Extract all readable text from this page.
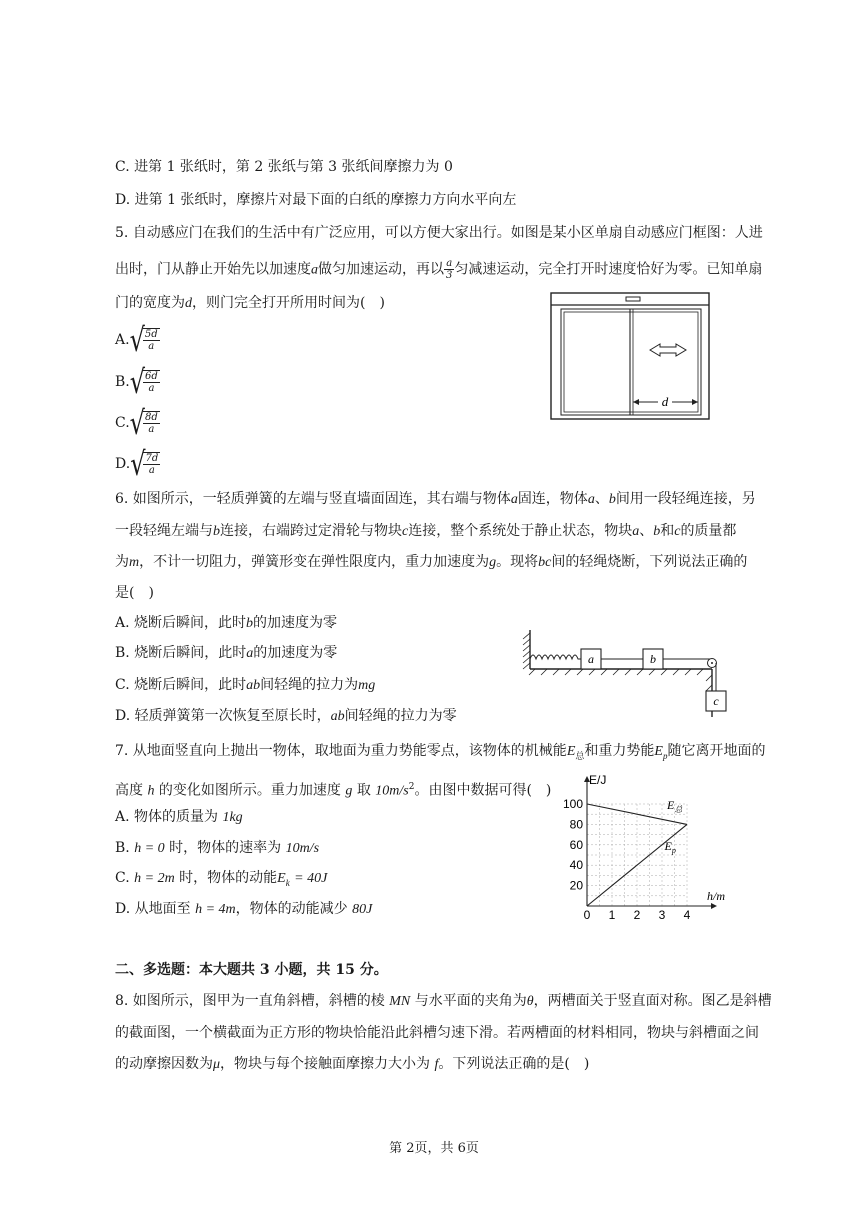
C. 进第 1 张纸时，第 2 张纸与第 3 张纸间摩擦力为 0
D. 进第 1 张纸时，摩擦片对最下面的白纸的摩擦力方向水平向左
5. 自动感应门在我们的生活中有广泛应用，可以方便大家出行。如图是某小区单扇自动感应门框图：人进
出时，门从静止开始先以加速度a做匀加速运动，再以 $\frac{a}{3}$ 匀减速运动，完全打开时速度恰好为零。已知单扇
门的宽度为d，则门完全打开所用时间为(　)
A.√
$\frac{5d}{a}$
B.√
$\frac{6d}{a}$
C.√
$\frac{8d}{a}$
D.√
$\frac{7d}{a}$
d
6. 如图所示，一轻质弹簧的左端与竖直墙面固连，其右端与物体a固连，物体a、b间用一段轻绳连接，另
一段轻绳左端与b连接，右端跨过定滑轮与物块c连接，整个系统处于静止状态，物块a、b和c的质量都
为m，不计一切阻力，弹簧形变在弹性限度内，重力加速度为g。现将bc间的轻绳烧断，下列说法正确的
是(　)
A. 烧断后瞬间，此时b的加速度为零
B. 烧断后瞬间，此时a的加速度为零
C. 烧断后瞬间，此时ab间轻绳的拉力为mg
D. 轻质弹簧第一次恢复至原长时，ab间轻绳的拉力为零
a	b
c
7. 从地面竖直向上抛出一物体，取地面为重力势能零点，该物体的机械能$E_总$和重力势能$E_p$随它离开地面的
高度 h 的变化如图所示。重力加速度 g 取 $10m/s^2$。由图中数据可得(　)
A. 物体的质量为 1kg
B. h = 0 时，物体的速率为 10m/s
C. h = 2m 时，物体的动能$E_k = 40J$
D. 从地面至 h = 4m，物体的动能减少 80J	0 1 2 3 4
20
40
60
80
100
E/J
h/m
$E_总$
$E_p$
二、多选题：本大题共 3 小题，共 15 分。
8. 如图所示，图甲为一直角斜槽，斜槽的棱 MN 与水平面的夹角为θ，两槽面关于竖直面对称。图乙是斜槽
的截面图，一个横截面为正方形的物块恰能沿此斜槽匀速下滑。若两槽面的材料相同，物块与斜槽面之间
的动摩擦因数为μ，物块与每个接触面摩擦力大小为 f。下列说法正确的是(　)
第 2页，共 6页
